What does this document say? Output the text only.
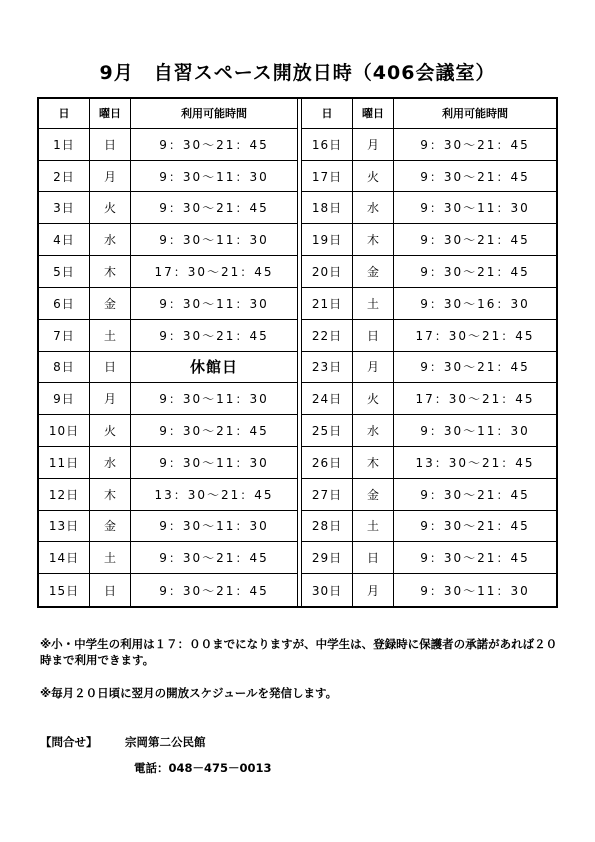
9月　自習スペース開放日時（406会議室）
日	曜日	利用可能時間
1日	日	9：30～21：45
2日	月	9：30～11：30
3日	火	9：30～21：45
4日	水	9：30～11：30
5日	木	17：30～21：45
6日	金	9：30～11：30
7日	土	9：30～21：45
8日	日	休館日
9日	月	9：30～11：30
10日	火	9：30～21：45
11日	水	9：30～11：30
12日	木	13：30～21：45
13日	金	9：30～11：30
14日	土	9：30～21：45
15日	日	9：30～21：45
日	曜日	利用可能時間
16日	月	9：30～21：45
17日	火	9：30～21：45
18日	水	9：30～11：30
19日	木	9：30～21：45
20日	金	9：30～21：45
21日	土	9：30～16：30
22日	日	17：30～21：45
23日	月	9：30～21：45
24日	火	17：30～21：45
25日	水	9：30～11：30
26日	木	13：30～21：45
27日	金	9：30～21：45
28日	土	9：30～21：45
29日	日	9：30～21：45
30日	月	9：30～11：30
※小・中学生の利用は１７：００までになりますが、中学生は、登録時に保護者の承諾があれば２０時まで利用できます。
※毎月２０日頃に翌月の開放スケジュールを発信します。
【問合せ】 宗岡第二公民館
電話：048－475－0013
